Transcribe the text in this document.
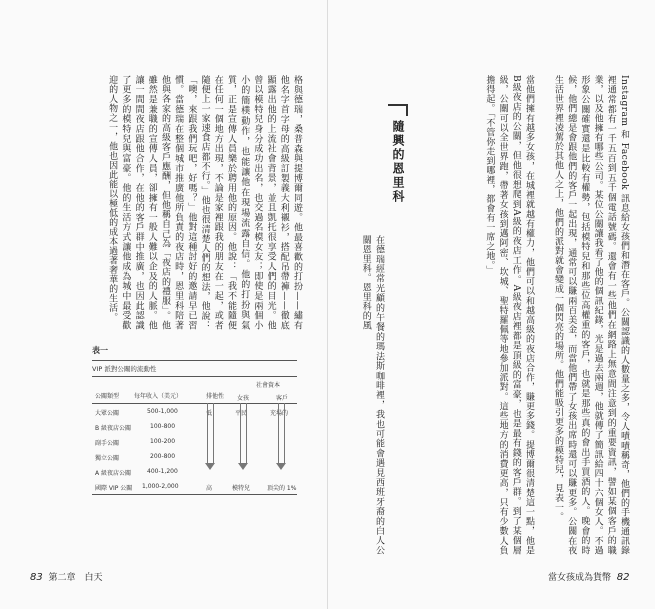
格與德瑞，桑普森與提博爾同遊。他最喜歡的打扮——繡有他名字首字母的高級訂製義大利襯衫，搭配吊帶褲——徹底顯露出他的上流社會背景，並且凱托很享受人們的目光。他曾以模特兒身分成功出名，也交過名模女友；即使是兩個小小的簡樸動作，也能讓他在現場流露自信。他的打扮與氣質，正是宣傳人員樂於聘用他的原因。他說：「我不能隨便在任何一個地方出現，不論是家裡跟我的朋友在一起，或者隨便上一家速食店都不行。」他也很清楚人們的想法，他說：「噢，來跟我們玩吧，好嗎？」他對這種討好的邀請早已習慣。當德瑞在整個城市推廣他所負責的夜店時，恩里科陪著他與各家的高級客戶應酬，但他稱自己為「夜店的禮服」。他雖然是兼職的宣傳人員，卻擁有一般人難以企及的人脈。他讓一間間夜店跟他合作，在他的客戶群中推廣，也因此認識了更多的模特兒與富豪。他的生活方式讓他成為城中最受歡迎的人物之一，他也因此能以極低的成本過著奢華的生活。
表一
VIP 派對公關的流動性
公關類型 每年收入（美元）	排他性
社會資本
女孩	客戶
大眾公關	500-1,000	低	平民	充場的
B 級夜店公關	100-800
副手公關	100-200
獨立公關	200-800
A 級夜店公關	400-1,200
國際 VIP 公關 1,000-2,000	高	模特兒	頂尖的 1%
83 第二章　白天
Instagram 和 Facebook 訊息給女孩們和潛在客戶。公關認識的人數量之多，令人嘖嘖稱奇，他們的手機通訊錄裡通常都有一千五百到五千個電話號碼。還會有一些他們在網路上無意間注意到的重要資訊，譬如某個客戶的職業，以及他擁有哪些公司。某位公關讓我看了他的個訊紀錄，光是過去兩週，他就傳了簡訊給四十六個女人。不過形象公關確實還是比較有權勢，包括模特兒和那些位高權重的客戶，也就是那些真的會出手買酒的人。晚會的時候，他們總是會跟他們的客戶一起出現，通常可以賺兩百美金，而當他們帶了女孩出席時還可以賺更多。公關在夜生活世界裡凌駕於其他人之上，他們的派對就會變成一個閃亮的場所。他們能吸引更多的模特兒，見表一。
當他們擁有越多女孩，在城裡就越有權力，他們可以和越高級的夜店合作，賺更多錢。提博爾很清楚這一點，他是B級夜店的公關，但他很想爬到A級的夜店工作。A級夜店裡都是頂級的富豪，也是最有錢的客戶群。到了某個層級，公關可以全世界跑，帶著女孩到邁阿密、坎城、聖特羅佩等地參加派對。這些地方的消費更高，只有少數人負擔得起。「不管你走到哪裡，都會有一席之地。」
隨興的恩里科
在德瑞經常光顧的午餐的瑪法斯咖啡裡，我也可能會遇見西班牙裔的白人公關恩里科。恩里科的風
當女孩成為貨幣 82
